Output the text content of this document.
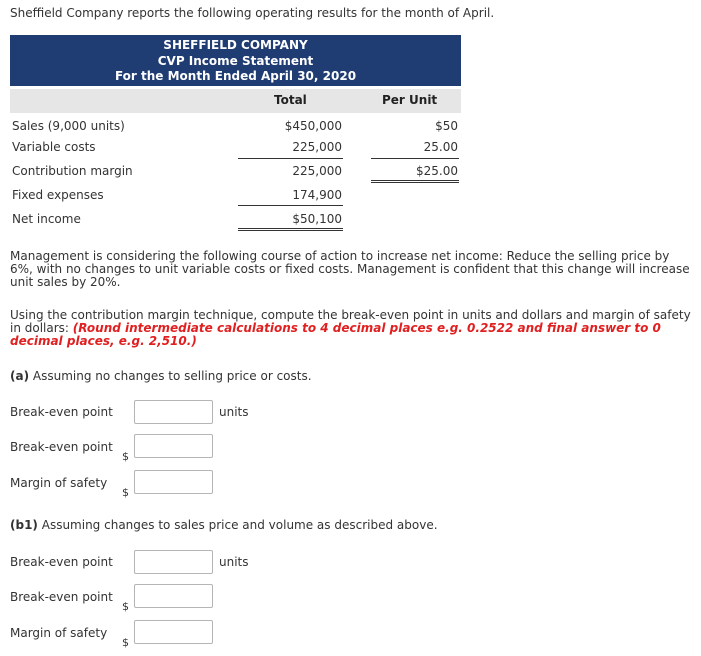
Sheffield Company reports the following operating results for the month of April.
SHEFFIELD COMPANY
CVP Income Statement
For the Month Ended April 30, 2020
Total	Per Unit
Sales (9,000 units)	$450,000	$50
Variable costs	225,000	25.00
Contribution margin	225,000	$25.00
Fixed expenses	174,900
Net income	$50,100
Management is considering the following course of action to increase net income: Reduce the selling price by 6%, with no changes to unit variable costs or fixed costs. Management is confident that this change will increase unit sales by 20%.
Using the contribution margin technique, compute the break-even point in units and dollars and margin of safety in dollars: (Round intermediate calculations to 4 decimal places e.g. 0.2522 and final answer to 0 decimal places, e.g. 2,510.)
(a) Assuming no changes to selling price or costs.
Break-even point	units
Break-even point
$
Margin of safety
$
(b1) Assuming changes to sales price and volume as described above.
Break-even point	units
Break-even point
$
Margin of safety
$
